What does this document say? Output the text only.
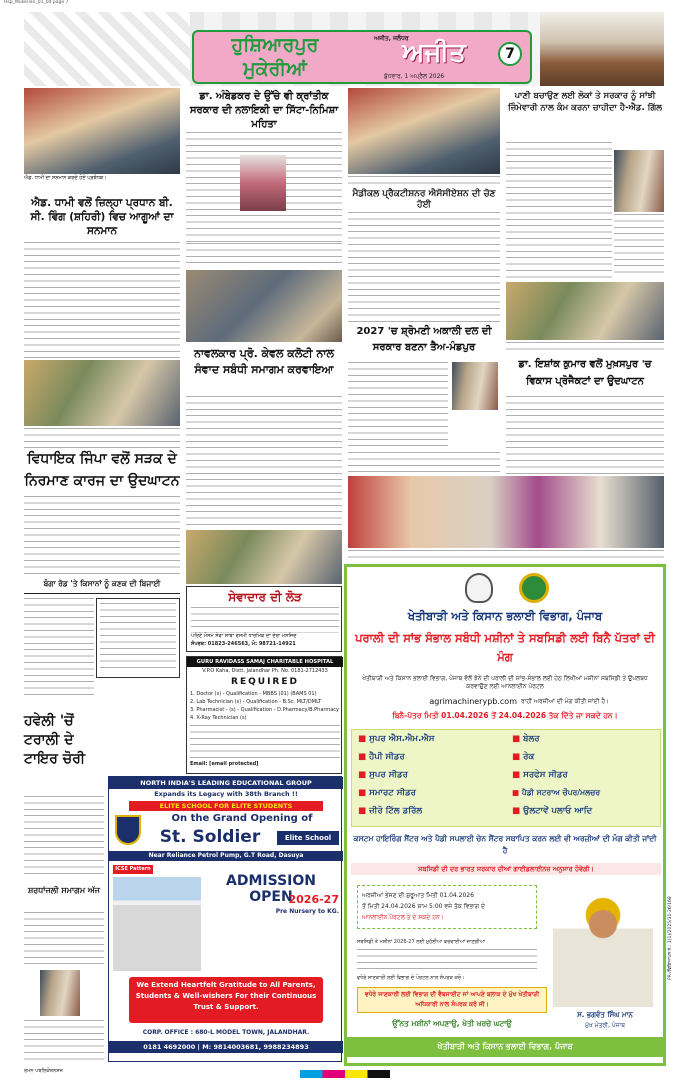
Hsp_Mukerian_01_04 page 7
ਹੁਸ਼ਿਆਰਪੁਰ
ਮੁਕੇਰੀਆਂ
ਅਜੀਤ, ਜਲੰਧਰ
ਅਜੀਤ
ਬੁੱਧਵਾਰ, 1 ਅਪ੍ਰੈਲ 2026
7
ਐਡ. ਧਾਮੀ ਦਾ ਸਨਮਾਨ ਕਰਦੇ ਹੋਏ ਪ੍ਰਬੰਧਕ।
ਐਡ. ਧਾਮੀ ਵਲੋਂ ਜ਼ਿਲ੍ਹਾ ਪ੍ਰਧਾਨ ਬੀ. ਸੀ. ਵਿੰਗ (ਸ਼ਹਿਰੀ) ਵਿਚ ਆਗੂਆਂ ਦਾ ਸਨਮਾਨ
ਵਿਧਾਇਕ ਜਿੰਪਾ ਵਲੋਂ ਸੜਕ ਦੇ ਨਿਰਮਾਣ ਕਾਰਜ ਦਾ ਉਦਘਾਟਨ
ਬੰਗਾ ਰੋਡ 'ਤੇ ਕਿਸਾਨਾਂ ਨੂੰ ਕਣਕ ਦੀ ਬਿਜਾਈ
ਹਵੇਲੀ 'ਚੋਂ ਟਰਾਲੀ ਦੇ ਟਾਇਰ ਚੋਰੀ
ਸ਼ਰਧਾਂਜਲੀ ਸਮਾਗਮ ਅੱਜ
ਡਾ. ਅੰਬੇਡਕਰ ਦੇ ਉੱਚੇ ਵੀ ਕ੍ਰਾਂਤੀਕ ਸਰਕਾਰ ਦੀ ਨਲਾਇਕੀ ਦਾ ਸਿੱਟਾ-ਨਿਮਿਸ਼ਾ ਮਹਿਤਾ
ਨਾਵਲਕਾਰ ਪ੍ਰੋ. ਕੇਵਲ ਕਲੋਟੀ ਨਾਲ ਸੰਵਾਦ ਸਬੰਧੀ ਸਮਾਗਮ ਕਰਵਾਇਆ
ਸੇਵਾਦਾਰ ਦੀ ਲੋੜ
ਪਰਿਣੇ ਮੌਸਮ ਸੇਵਾ ਸਾਬਾ ਰਸਮੀ ਧਾਰਮਿਕ ਦਾ ਦੇਰਾ ਮਸਜਿਦ
ਸੰਪਰਕ: 01823-246563, ਮੋ: 98721-14921
GURU RAVIDASS SAMAJ CHARITABLE HOSPITAL
V.P.O Kaha, Distt. Jalandhar Ph. No. 0181-2712433
REQUIRED
1. Doctor (s) - Qualification - MBBS (01) (BAMS 01)
2. Lab Technician (s) - Qualification - B.Sc. MLT/DMLT
3. Pharmacist - (s) - Qualification - D.Pharmacy/B.Pharmacy
4. X-Ray Technician (s)
Email: [email protected]
NORTH INDIA'S LEADING EDUCATIONAL GROUP
Expands its Legacy with 38th Branch !!
ELITE SCHOOL FOR ELITE STUDENTS
On the Grand Opening of
St. Soldier	Elite School
Near Reliance Petrol Pump, G.T Road, Dasuya
ICSE Pattern
ADMISSION OPEN
2026-27
Pre Nursery to KG.
We Extend Heartfelt Gratitude to All Parents, Students & Well-wishers For their Continuous Trust & Support.
CORP. OFFICE : 680-L MODEL TOWN, JALANDHAR.
0181 4692000 | M: 9814003681, 9988234893
ਮੈਡੀਕਲ ਪ੍ਰੈਕਟੀਸ਼ਨਰ ਐਸੋਸੀਏਸ਼ਨ ਦੀ ਚੋਣ ਹੋਈ
2027 'ਚ ਸ਼੍ਰੋਮਣੀ ਅਕਾਲੀ ਦਲ ਦੀ ਸਰਕਾਰ ਬਣਨਾ ਤੈਅ-ਮੰਡਪੁਰ
ਪਾਣੀ ਬਚਾਉਣ ਲਈ ਲੋਕਾਂ ਤੇ ਸਰਕਾਰ ਨੂੰ ਸਾਂਝੀ ਜ਼ਿੰਮੇਵਾਰੀ ਨਾਲ ਕੰਮ ਕਰਨਾ ਚਾਹੀਦਾ ਹੈ-ਐਡ. ਗਿੱਲ
ਡਾ. ਇਸ਼ਾਂਕ ਕੁਮਾਰ ਵਲੋਂ ਮੁਖ਼ਸਪੁਰ 'ਚ ਵਿਕਾਸ ਪ੍ਰੋਜੈਕਟਾਂ ਦਾ ਉਦਘਾਟਨ
ਖੇਤੀਬਾੜੀ ਅਤੇ ਕਿਸਾਨ ਭਲਾਈ ਵਿਭਾਗ, ਪੰਜਾਬ
ਪਰਾਲੀ ਦੀ ਸਾਂਭ ਸੰਭਾਲ ਸਬੰਧੀ ਮਸ਼ੀਨਾਂ ਤੇ ਸਬਸਿਡੀ ਲਈ ਬਿਨੈ ਪੱਤਰਾਂ ਦੀ ਮੰਗ
ਖੇਤੀਬਾੜੀ ਅਤੇ ਕਿਸਾਨ ਭਲਾਈ ਵਿਭਾਗ, ਪੰਜਾਬ ਵੱਲੋਂ ਝੋਨੇ ਦੀ ਪਰਾਲੀ ਦੀ ਸਾਂਭ-ਸੰਭਾਲ ਲਈ ਹੇਠ ਲਿਖੀਆਂ ਮਸ਼ੀਨਾਂ ਸਬਸਿਡੀ ਤੇ ਉਪਲਬਧ ਕਰਵਾਉਣ ਲਈ ਆਨਲਾਈਨ ਪੋਰਟਲ
agrimachinerypb.com ਰਾਹੀਂ ਅਰਜ਼ੀਆਂ ਦੀ ਮੰਗ ਕੀਤੀ ਜਾਂਦੀ ਹੈ।
ਬਿਨੈ-ਪੱਤਰ ਮਿਤੀ 01.04.2026 ਤੋਂ 24.04.2026 ਤੱਕ ਦਿੱਤੇ ਜਾ ਸਕਦੇ ਹਨ।
■ ਸੁਪਰ ਐਸ.ਐਮ.ਐਸ
■ ਹੈਪੀ ਸੀਡਰ
■ ਸੁਪਰ ਸੀਡਰ
■ ਸਮਾਰਟ ਸੀਡਰ
■ ਜ਼ੀਰੋ ਟਿੱਲ ਡਰਿੱਲ
■ ਬੇਲਰ
■ ਰੇਕ
■ ਸਰਫੇਸ ਸੀਡਰ
■ ਪੈਡੀ ਸਟਰਾਅ ਚੌਪਰ/ਮਲਚਰ
■ ਉਲਟਾਵੇਂ ਪਲਾਓ ਆਦਿ
ਕਸਟਮ ਹਾਇਰਿੰਗ ਸੈਂਟਰ ਅਤੇ ਪੈਡੀ ਸਪਲਾਈ ਚੇਨ ਸੈਂਟਰ ਸਥਾਪਿਤ ਕਰਨ ਲਈ ਵੀ ਅਰਜ਼ੀਆਂ ਦੀ ਮੰਗ ਕੀਤੀ ਜਾਂਦੀ ਹੈ
ਸਬਸਿਡੀ ਦੀ ਦਰ ਭਾਰਤ ਸਰਕਾਰ ਦੀਆਂ ਗਾਈਡਲਾਈਨਜ਼ ਅਨੁਸਾਰ ਹੋਵੇਗੀ।
ਅਰਜ਼ੀਆਂ ਭੇਜਣ ਦੀ ਸ਼ੁਰੂਆਤ ਮਿਤੀ 01.04.2026
ਤੋਂ ਮਿਤੀ 24.04.2026 ਸ਼ਾਮ 5:00 ਵਜੇ ਤੱਕ ਵਿਭਾਗ ਦੇ
ਆਨਲਾਈਨ ਪੋਰਟਲ ਤੇ ਦੇ ਸਕਦੇ ਹਨ।
ਸਬਸਿਡੀ ਤੇ ਮਸ਼ੀਨਾਂ 2026-27 ਲਈ ਮੁਹੱਈਆ ਕਰਵਾਈਆਂ ਜਾਣਗੀਆਂ
ਵਧੇਰੇ ਜਾਣਕਾਰੀ ਲਈ ਵਿਭਾਗ ਦੇ ਪੋਰਟਲ ਨਾਲ ਸੰਪਰਕ ਕਰੋ।
ਵਧੇਰੇ ਜਾਣਕਾਰੀ ਲਈ ਵਿਭਾਗ ਦੀ ਵੈਬਸਾਈਟ ਜਾਂ ਆਪਣੇ ਬਲਾਕ ਦੇ ਮੁੱਖ ਖੇਤੀਬਾੜੀ ਅਧਿਕਾਰੀ ਨਾਲ ਸੰਪਰਕ ਕਰੋ ਜੀ।
ਉੱਨਤ ਮਸ਼ੀਨਾਂ ਅਪਣਾਉ, ਖੇਤੀ ਖਰਚੇ ਘਟਾਉ
ਸ. ਭਗਵੰਤ ਸਿੰਘ ਮਾਨ
ਮੁੱਖ ਮੰਤਰੀ, ਪੰਜਾਬ
ਖੇਤੀਬਾੜੀ ਅਤੇ ਕਿਸਾਨ ਭਲਾਈ ਵਿਭਾਗ, ਪੰਜਾਬ
PR-/ਵਿਗਿਆਪਨ ਨੰ.: 1(1)/2025/31-26/168
ਰਮਨ ਪਬਲਿਕੇਸ਼ਨਸ਼ਜ਼
